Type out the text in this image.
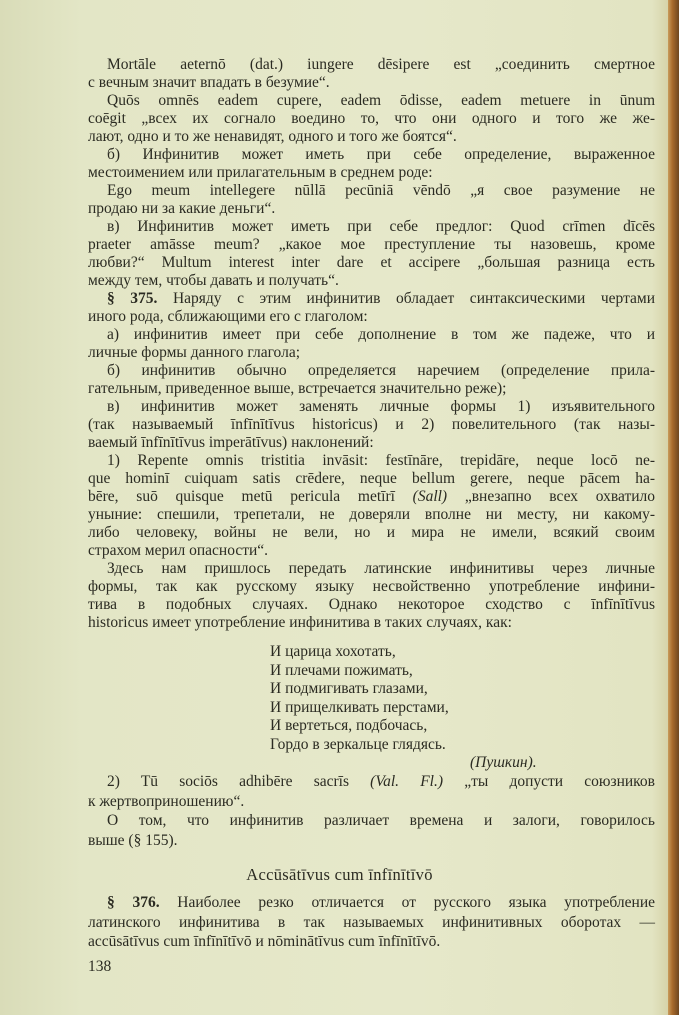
Mortāle aeternō (dat.) iungere dēsipere est „соединить смертное
с вечным значит впадать в безумие“.
Quōs omnēs eadem cupere, eadem ōdisse, eadem metuere in ūnum
coēgit „всех их согнало воедино то, что они одного и того же же-
лают, одно и то же ненавидят, одного и того же боятся“.
б) Инфинитив может иметь при себе определение, выраженное
местоимением или прилагательным в среднем роде:
Ego meum intellegere nūllā pecūniā vēndō „я свое разумение не
продаю ни за какие деньги“.
в) Инфинитив может иметь при себе предлог: Quod crīmen dīcēs
praeter amāsse meum? „какое мое преступление ты назовешь, кроме
любви?“ Multum interest inter dare et accipere „большая разница есть
между тем, чтобы давать и получать“.
§ 375. Наряду с этим инфинитив обладает синтаксическими чертами
иного рода, сближающими его с глаголом:
а) инфинитив имеет при себе дополнение в том же падеже, что и
личные формы данного глагола;
б) инфинитив обычно определяется наречием (определение прила-
гательным, приведенное выше, встречается значительно реже);
в) инфинитив может заменять личные формы 1) изъявительного
(так называемый īnfīnītīvus historicus) и 2) повелительного (так назы-
ваемый īnfīnītīvus imperātīvus) наклонений:
1) Repente omnis tristitia invāsit: festīnāre, trepidāre, neque locō ne-
que hominī cuiquam satis crēdere, neque bellum gerere, neque pācem ha-
bēre, suō quisque metū pericula metīrī (Sall) „внезапно всех охватило
уныние: спешили, трепетали, не доверяли вполне ни месту, ни какому-
либо человеку, войны не вели, но и мира не имели, всякий своим
страхом мерил опасности“.
Здесь нам пришлось передать латинские инфинитивы через личные
формы, так как русскому языку несвойственно употребление инфини-
тива в подобных случаях. Однако некоторое сходство с īnfīnītīvus
historicus имеет употребление инфинитива в таких случаях, как:
И царица хохотать,
И плечами пожимать,
И подмигивать глазами,
И прищелкивать перстами,
И вертеться, подбочась,
Гордо в зеркальце глядясь.
(Пушкин).
2) Tū sociōs adhibēre sacrīs (Val. Fl.) „ты допусти союзников
к жертвоприношению“.
О том, что инфинитив различает времена и залоги, говорилось
выше (§ 155).
Accūsātīvus cum īnfīnītīvō
§ 376. Наиболее резко отличается от русского языка употребление
латинского инфинитива в так называемых инфинитивных оборотах —
accūsātīvus cum īnfīnītīvō и nōminātīvus cum īnfīnītīvō.
138
